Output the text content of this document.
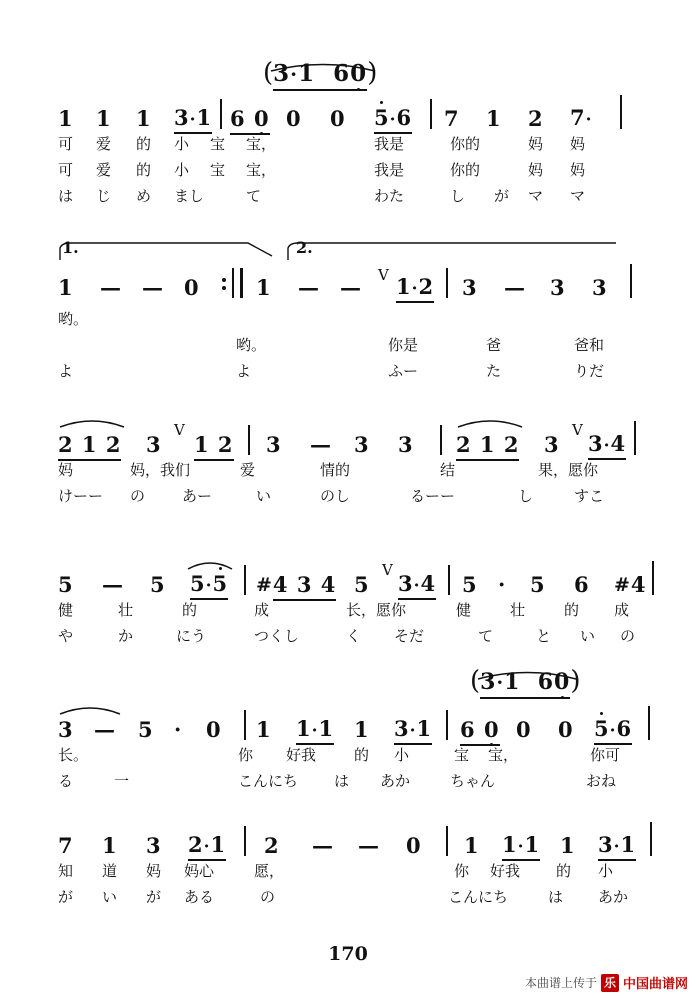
(3·1  60)
1 1 1 3·1 6 0 0 0 5·6 7 1 2 7·
可 爱 的 小 宝 宝，	我是	你的	妈 妈
可 爱 的 小 宝 宝，	我是	你的	妈 妈
は じ め まし	て	わた	し が マ マ
1.	2.
1 — — 0	1 — — V 1·2 3 — 3 3
哟。
哟。	你是	爸	爸和
よ	よ	ふー	た	りだ
2 1 2 3
V
1 2 3 — 3 3 2 1 2 3
V
3·4
妈	妈，我们	爱	情的	结	果，愿你
けーー の あー	い	のし	るーー	し	すこ
5 — 5 5·5 #4 3 4 5
V
3·4 5 · 5 6 #4
健	壮	的	成	长，愿你	健	壮	的 成
や	か	にう	つくし	く そだ	て	と い の
(3·1  60)
3 — 5 · 0 1 1·1 1 3·1 6 0 0 0 5·6
长。	你 好我	的 小	宝 宝，	你可
る	一	こんにち は あか	ちゃん	おね
7 1 3 2·1 2 — — 0 1 1·1 1 3·1
知 道 妈 妈心	愿，	你 好我 的 小
が い が ある	の	こんにち	は あか
170
本曲谱上传于 乐 中国曲谱网
